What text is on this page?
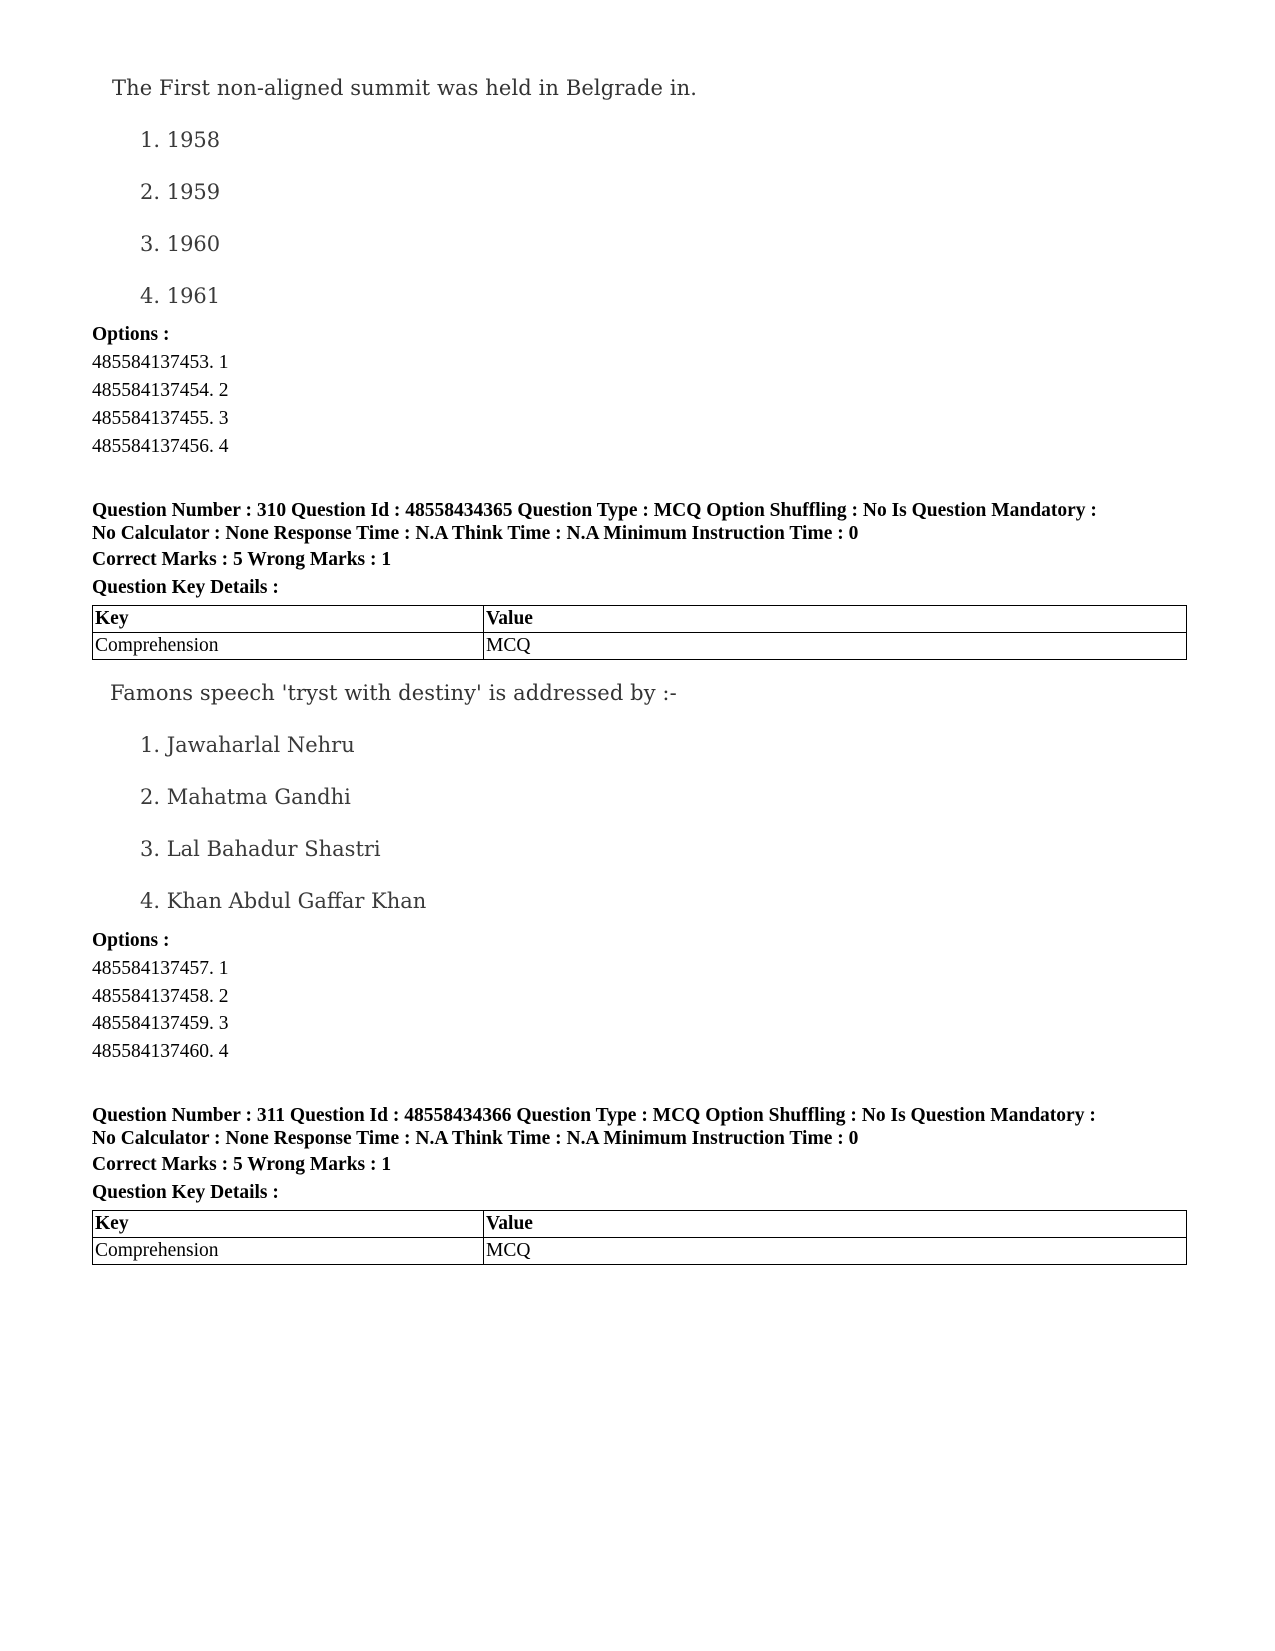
The First non-aligned summit was held in Belgrade in.
1. 1958
2. 1959
3. 1960
4. 1961
Options :
485584137453. 1
485584137454. 2
485584137455. 3
485584137456. 4
Question Number : 310 Question Id : 48558434365 Question Type : MCQ Option Shuffling : No Is Question Mandatory :
No Calculator : None Response Time : N.A Think Time : N.A Minimum Instruction Time : 0
Correct Marks : 5 Wrong Marks : 1
Question Key Details :
Key	Value
Comprehension	MCQ
Famons speech 'tryst with destiny' is addressed by :-
1. Jawaharlal Nehru
2. Mahatma Gandhi
3. Lal Bahadur Shastri
4. Khan Abdul Gaffar Khan
Options :
485584137457. 1
485584137458. 2
485584137459. 3
485584137460. 4
Question Number : 311 Question Id : 48558434366 Question Type : MCQ Option Shuffling : No Is Question Mandatory :
No Calculator : None Response Time : N.A Think Time : N.A Minimum Instruction Time : 0
Correct Marks : 5 Wrong Marks : 1
Question Key Details :
Key	Value
Comprehension	MCQ
